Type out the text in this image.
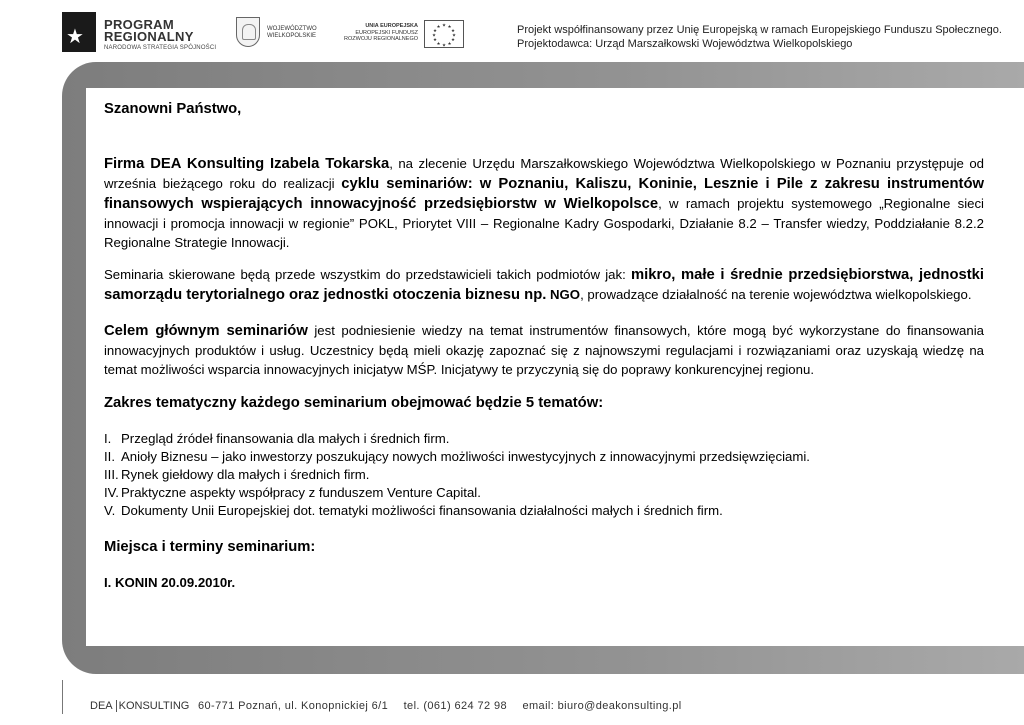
★ PROGRAM
REGIONALNY
NARODOWA STRATEGIA SPÓJNOŚCI
WOJEWÓDZTWO
WIELKOPOLSKIE
UNIA EUROPEJSKA
EUROPEJSKI FUNDUSZ
ROZWOJU REGIONALNEGO
★ ★
★
★
★
★
★
★
★
★
★
★	Projekt współfinansowany przez Unię Europejską w ramach Europejskiego Funduszu Społecznego.
Projektodawca: Urząd Marszałkowski Województwa Wielkopolskiego
Szanowni Państwo,
Firma DEA Konsulting Izabela Tokarska, na zlecenie Urzędu Marszałkowskiego Województwa Wielkopolskiego w Poznaniu przystępuje od września bieżącego roku do realizacji cyklu seminariów: w Poznaniu, Kaliszu, Koninie, Lesznie i Pile z zakresu instrumentów finansowych wspierających innowacyjność przedsiębiorstw w Wielkopolsce, w ramach projektu systemowego „Regionalne sieci innowacji i promocja innowacji w regionie” POKL, Priorytet VIII – Regionalne Kadry Gospodarki, Działanie 8.2 – Transfer wiedzy, Poddziałanie 8.2.2 Regionalne Strategie Innowacji.
Seminaria skierowane będą przede wszystkim do przedstawicieli takich podmiotów jak: mikro, małe i średnie przedsiębiorstwa, jednostki samorządu terytorialnego oraz jednostki otoczenia biznesu np. NGO, prowadzące działalność na terenie województwa wielkopolskiego.
Celem głównym seminariów jest podniesienie wiedzy na temat instrumentów finansowych, które mogą być wykorzystane do finansowania innowacyjnych produktów i usług. Uczestnicy będą mieli okazję zapoznać się z najnowszymi regulacjami i rozwiązaniami oraz uzyskają wiedzę na temat możliwości wsparcia innowacyjnych inicjatyw MŚP. Inicjatywy te przyczynią się do poprawy konkurencyjnej regionu.
Zakres tematyczny każdego seminarium obejmować będzie 5 tematów:
I. Przegląd źródeł finansowania dla małych i średnich firm.
II. Anioły Biznesu – jako inwestorzy poszukujący nowych możliwości inwestycyjnych z innowacyjnymi przedsięwzięciami.
III. Rynek giełdowy dla małych i średnich firm.
IV. Praktyczne aspekty współpracy z funduszem Venture Capital.
V. Dokumenty Unii Europejskiej dot. tematyki możliwości finansowania działalności małych i średnich firm.
Miejsca i terminy seminarium:
I. KONIN 20.09.2010r.
DEA KONSULTING 60-771 Poznań, ul. Konopnickiej 6/1 tel. (061) 624 72 98 email: biuro@deakonsulting.pl
